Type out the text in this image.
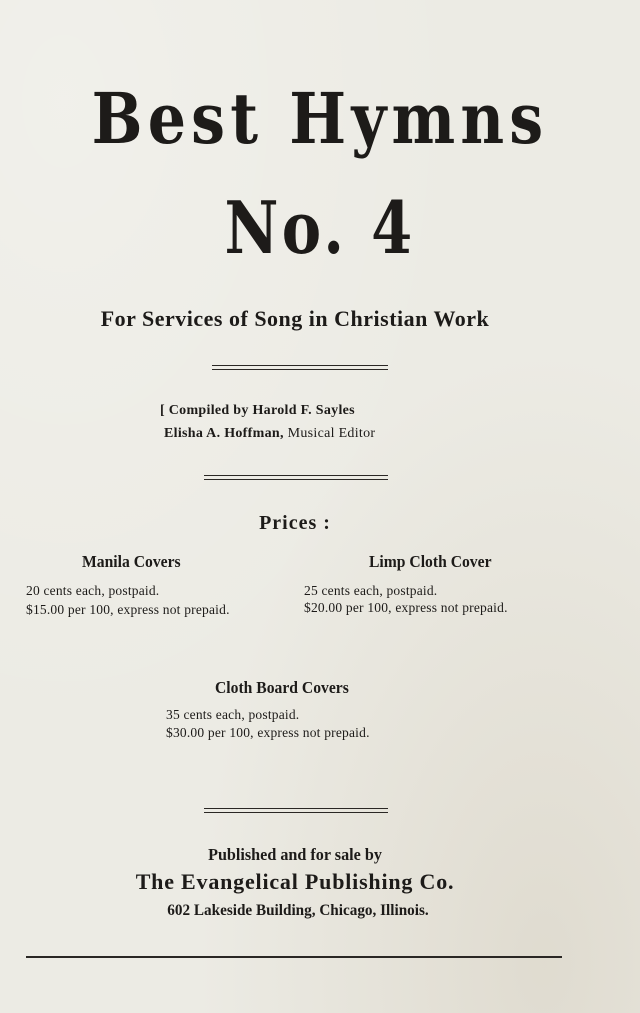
Best Hymns
No. 4
For Services of Song in Christian Work
[ Compiled by Harold F. Sayles
Elisha A. Hoffman, Musical Editor
Prices :
Manila Covers
20 cents each, postpaid.
$15.00 per 100, express not prepaid.
Limp Cloth Cover
25 cents each, postpaid.
$20.00 per 100, express not prepaid.
Cloth Board Covers
35 cents each, postpaid.
$30.00 per 100, express not prepaid.
Published and for sale by
The Evangelical Publishing Co.
602 Lakeside Building, Chicago, Illinois.
